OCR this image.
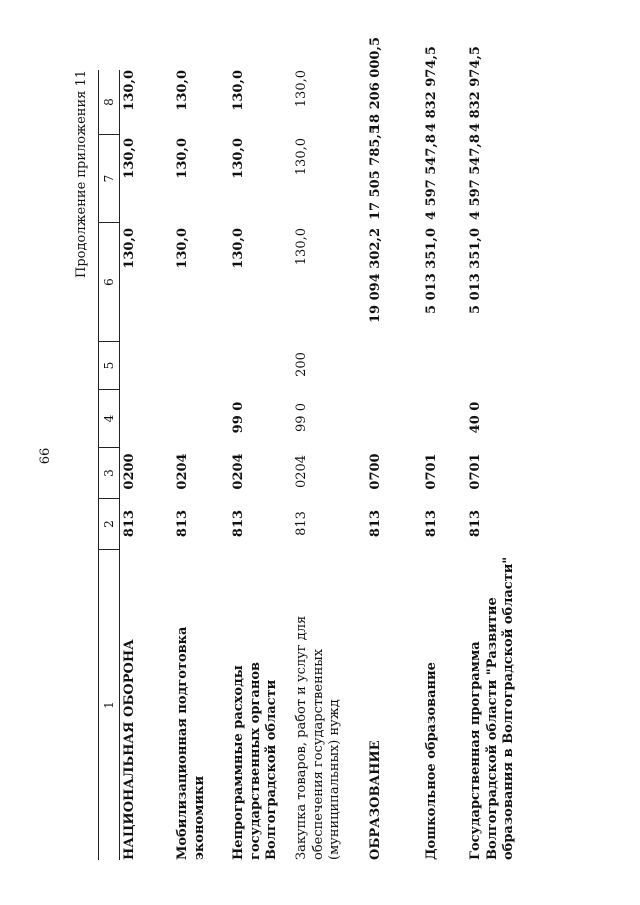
66
Продолжение приложения 11
1
2
3
4
5
6
7
8
НАЦИОНАЛЬНАЯ ОБОРОНА
813
0200
130,0
130,0
130,0
Мобилизационная подготовка экономики
813
0204
130,0
130,0
130,0
Непрограммные расходы государственных органов Волгоградской области
813
0204
99 0
130,0
130,0
130,0
Закупка товаров, работ и услуг для обеспечения государственных (муниципальных) нужд
813
0204
99 0
200
130,0
130,0
130,0
ОБРАЗОВАНИЕ
813
0700
19 094 302,2
17 505 785,5
18 206 000,5
Дошкольное образование
813
0701
5 013 351,0
4 597 547,8
4 832 974,5
Государственная программа Волгоградской области "Развитие образования в Волгоградской области"
813
0701
40 0
5 013 351,0
4 597 547,8
4 832 974,5
